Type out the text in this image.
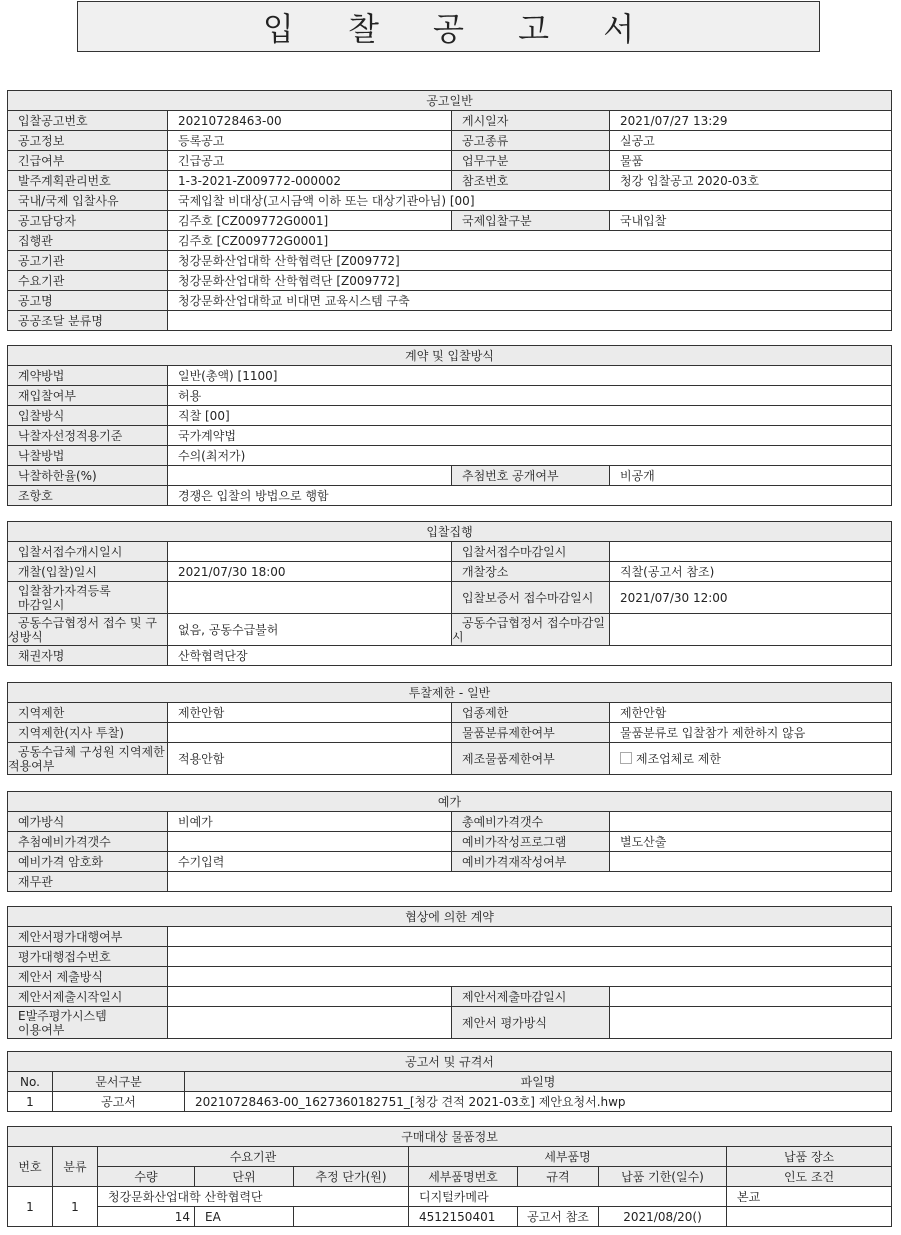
입 찰 공 고 서
공고일반			
입찰공고번호	20210728463-00	게시일자	2021/07/27 13:29
공고정보	등록공고	공고종류	실공고
긴급여부	긴급공고	업무구분	물품
발주계획관리번호	1-3-2021-Z009772-000002	참조번호	청강 입찰공고 2020-03호
국내/국제 입찰사유	국제입찰 비대상(고시금액 이하 또는 대상기관아님) [00]		
공고담당자	김주호 [CZ009772G0001]	국제입찰구분	국내입찰
집행관	김주호 [CZ009772G0001]		
공고기관	청강문화산업대학 산학협력단 [Z009772]		
수요기관	청강문화산업대학 산학협력단 [Z009772]		
공고명	청강문화산업대학교 비대면 교육시스템 구축		
공공조달 분류명			
계약 및 입찰방식			
계약방법	일반(총액) [1100]		
재입찰여부	허용		
입찰방식	직찰 [00]		
낙찰자선정적용기준	국가계약법		
낙찰방법	수의(최저가)		
낙찰하한율(%)		추첨번호 공개여부	비공개
조항호	경쟁은 입찰의 방법으로 행함		
입찰집행			
입찰서접수개시일시		입찰서접수마감일시	
개찰(입찰)일시	2021/07/30 18:00	개찰장소	직찰(공고서 참조)
입찰참가자격등록
마감일시		입찰보증서 접수마감일시	2021/07/30 12:00
공동수급협정서 접수 및 구
성방식	없음, 공동수급불허	공동수급협정서 접수마감일
시	
채권자명	산학협력단장		
투찰제한 - 일반			
지역제한	제한안함	업종제한	제한안함
지역제한(지사 투찰)		물품분류제한여부	물품분류로 입찰참가 제한하지 않음
공동수급체 구성원 지역제한
적용여부	적용안함	제조물품제한여부	제조업체로 제한
예가			
예가방식	비예가	총예비가격갯수	
추첨예비가격갯수		예비가작성프로그램	별도산출
예비가격 암호화	수기입력	예비가격재작성여부	
재무관			
협상에 의한 계약			
제안서평가대행여부			
평가대행접수번호			
제안서 제출방식			
제안서제출시작일시		제안서제출마감일시	
E발주평가시스템
이용여부		제안서 평가방식	
공고서 및 규격서		
No.	문서구분	파일명
1	공고서	20210728463-00_1627360182751_[청강 견적 2021-03호] 제안요청서.hwp
구매대상 물품정보								
번호	분류	수요기관			세부품명			납품 장소
		수량	단위	추정 단가(원)	세부품명번호	규격	납품 기한(일수)	인도 조건
1	1	청강문화산업대학 산학협력단			디지털카메라			본교
		14	EA		4512150401	공고서 참조	2021/08/20()	
